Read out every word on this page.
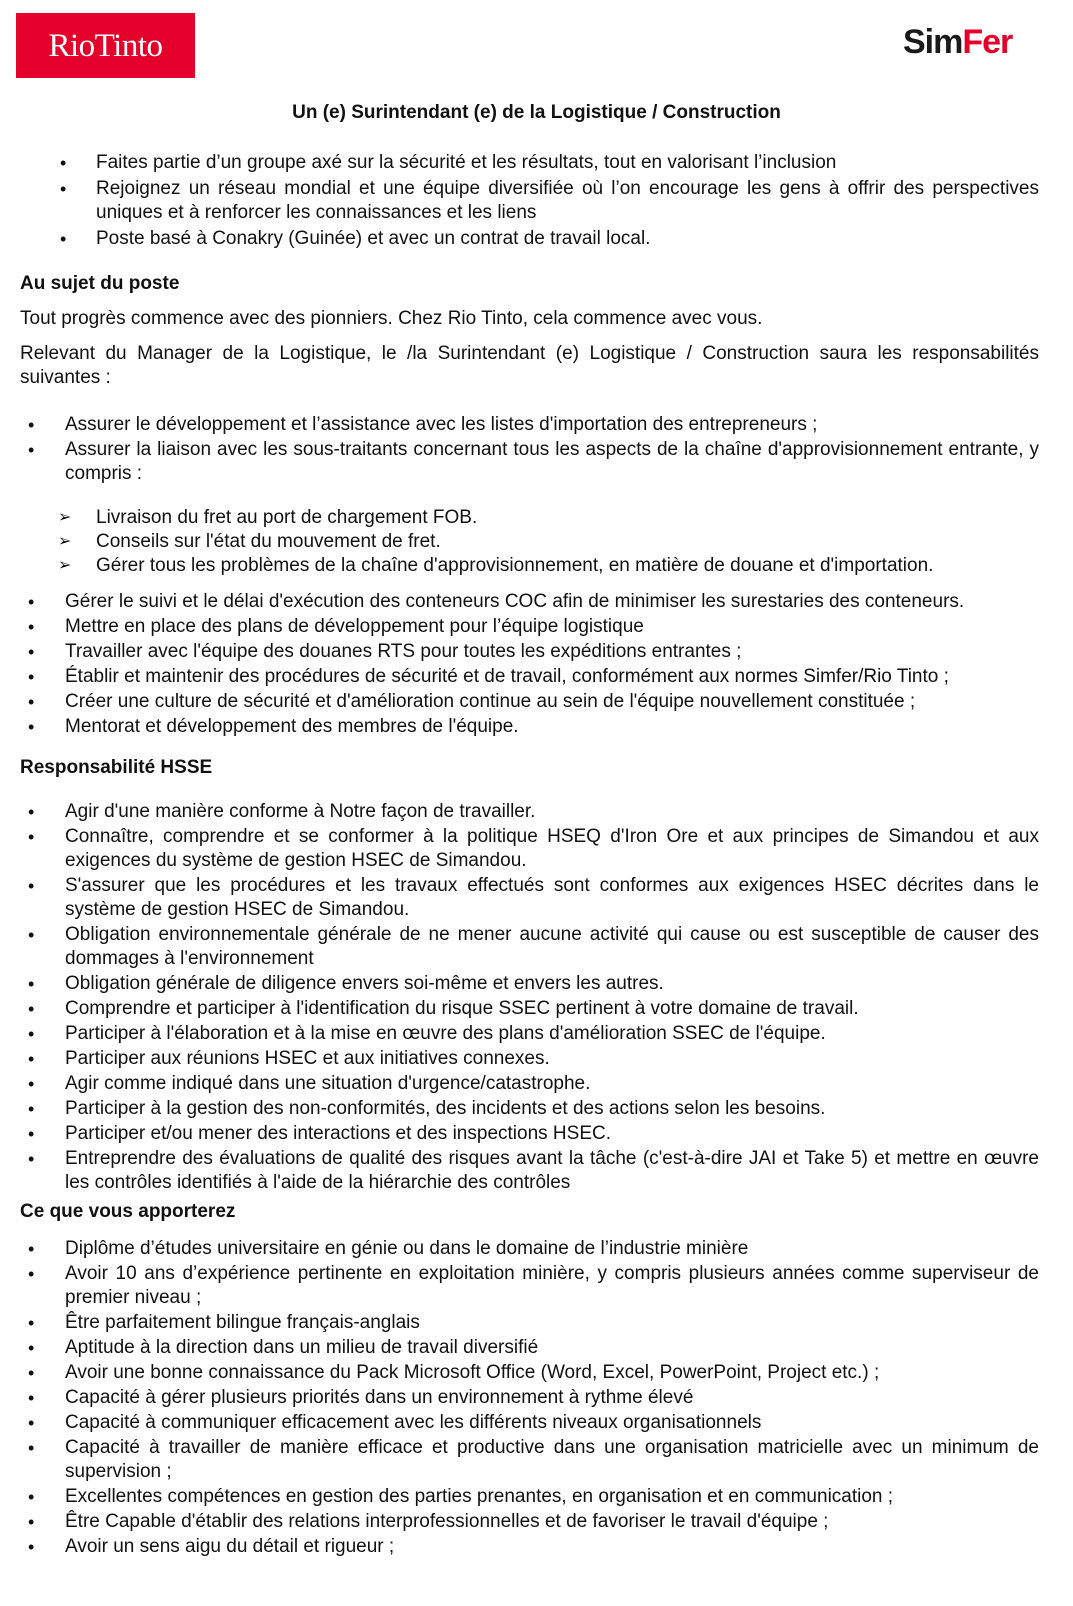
RioTinto	SimFer
Un (e) Surintendant (e) de la Logistique / Construction
• Faites partie d’un groupe axé sur la sécurité et les résultats, tout en valorisant l’inclusion
• Rejoignez un réseau mondial et une équipe diversifiée où l’on encourage les gens à offrir des perspectives uniques et à renforcer les connaissances et les liens
• Poste basé à Conakry (Guinée) et avec un contrat de travail local.

Au sujet du poste

Tout progrès commence avec des pionniers. Chez Rio Tinto, cela commence avec vous.

Relevant du Manager de la Logistique, le /la Surintendant (e) Logistique / Construction saura les responsabilités suivantes :

• Assurer le développement et l’assistance avec les listes d'importation des entrepreneurs ;
• Assurer la liaison avec les sous-traitants concernant tous les aspects de la chaîne d'approvisionnement entrante, y compris :
➢ Livraison du fret au port de chargement FOB.
➢ Conseils sur l'état du mouvement de fret.
➢ Gérer tous les problèmes de la chaîne d'approvisionnement, en matière de douane et d'importation.
• Gérer le suivi et le délai d'exécution des conteneurs COC afin de minimiser les surestaries des conteneurs.
• Mettre en place des plans de développement pour l’équipe logistique
• Travailler avec l'équipe des douanes RTS pour toutes les expéditions entrantes ;
• Établir et maintenir des procédures de sécurité et de travail, conformément aux normes Simfer/Rio Tinto ;
• Créer une culture de sécurité et d'amélioration continue au sein de l'équipe nouvellement constituée ;
• Mentorat et développement des membres de l'équipe.

Responsabilité HSSE

• Agir d'une manière conforme à Notre façon de travailler.
• Connaître, comprendre et se conformer à la politique HSEQ d'Iron Ore et aux principes de Simandou et aux exigences du système de gestion HSEC de Simandou.
• S'assurer que les procédures et les travaux effectués sont conformes aux exigences HSEC décrites dans le système de gestion HSEC de Simandou.
• Obligation environnementale générale de ne mener aucune activité qui cause ou est susceptible de causer des dommages à l'environnement
• Obligation générale de diligence envers soi-même et envers les autres.
• Comprendre et participer à l'identification du risque SSEC pertinent à votre domaine de travail.
• Participer à l'élaboration et à la mise en œuvre des plans d'amélioration SSEC de l'équipe.
• Participer aux réunions HSEC et aux initiatives connexes.
• Agir comme indiqué dans une situation d'urgence/catastrophe.
• Participer à la gestion des non-conformités, des incidents et des actions selon les besoins.
• Participer et/ou mener des interactions et des inspections HSEC.
• Entreprendre des évaluations de qualité des risques avant la tâche (c'est-à-dire JAI et Take 5) et mettre en œuvre les contrôles identifiés à l'aide de la hiérarchie des contrôles

Ce que vous apporterez

• Diplôme d’études universitaire en génie ou dans le domaine de l’industrie minière
• Avoir 10 ans d’expérience pertinente en exploitation minière, y compris plusieurs années comme superviseur de premier niveau ;
• Être parfaitement bilingue français-anglais
• Aptitude à la direction dans un milieu de travail diversifié
• Avoir une bonne connaissance du Pack Microsoft Office (Word, Excel, PowerPoint, Project etc.) ;
• Capacité à gérer plusieurs priorités dans un environnement à rythme élevé
• Capacité à communiquer efficacement avec les différents niveaux organisationnels
• Capacité à travailler de manière efficace et productive dans une organisation matricielle avec un minimum de supervision ;
• Excellentes compétences en gestion des parties prenantes, en organisation et en communication ;
• Être Capable d'établir des relations interprofessionnelles et de favoriser le travail d'équipe ;
• Avoir un sens aigu du détail et rigueur ;
